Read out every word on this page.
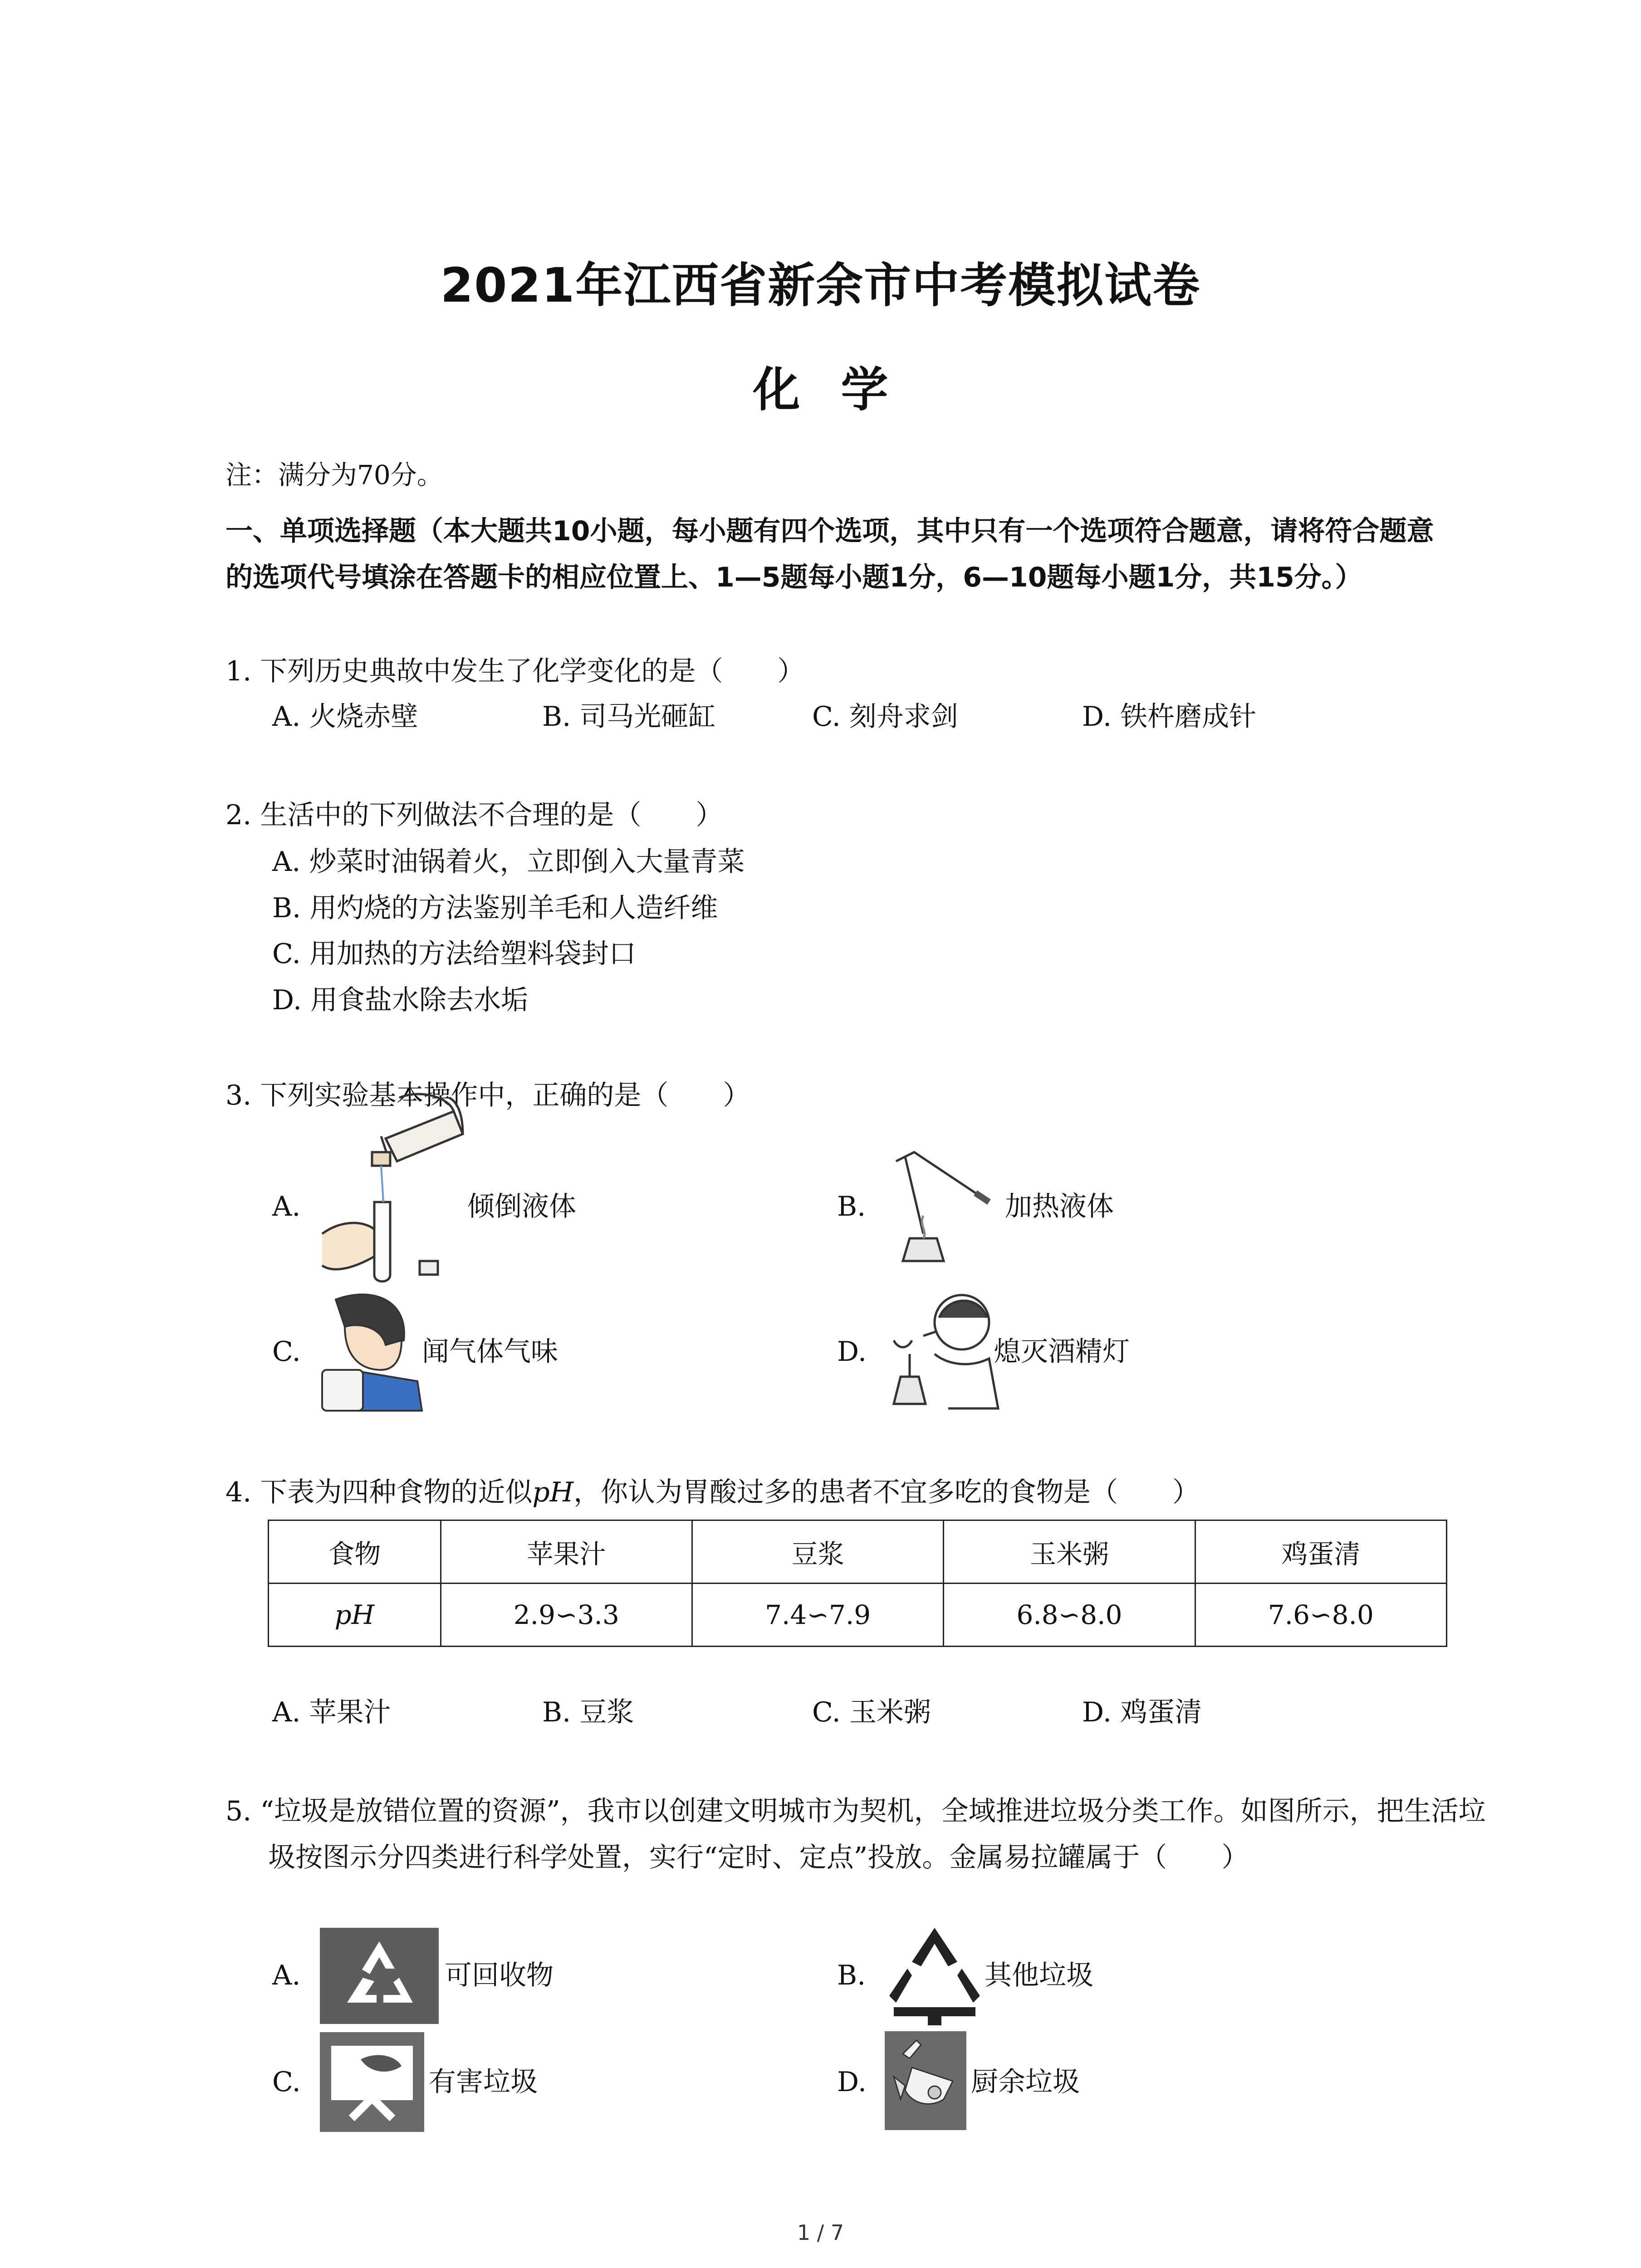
2021年江西省新余市中考模拟试卷
化学
注：满分为70分。
一、单项选择题（本大题共10小题，每小题有四个选项，其中只有一个选项符合题意，请将符合题意的选项代号填涂在答题卡的相应位置上、1—5题每小题1分，6—10题每小题1分，共15分。）
1. 下列历史典故中发生了化学变化的是（　　）
A. 火烧赤壁	B. 司马光砸缸	C. 刻舟求剑	D. 铁杵磨成针
2. 生活中的下列做法不合理的是（　　）
A. 炒菜时油锅着火，立即倒入大量青菜
B. 用灼烧的方法鉴别羊毛和人造纤维
C. 用加热的方法给塑料袋封口
D. 用食盐水除去水垢
3. 下列实验基本操作中，正确的是（　　）
A.	倾倒液体	B.	加热液体
C.	闻气体气味	D.	熄灭酒精灯
4. 下表为四种食物的近似pH，你认为胃酸过多的患者不宜多吃的食物是（　　）
食物	苹果汁	豆浆	玉米粥	鸡蛋清
pH	2.9∽3.3	7.4∽7.9	6.8∽8.0	7.6∽8.0
A. 苹果汁	B. 豆浆	C. 玉米粥	D. 鸡蛋清
5. “垃圾是放错位置的资源”，我市以创建文明城市为契机，全域推进垃圾分类工作。如图所示，把生活垃圾按图示分四类进行科学处置，实行“定时、定点”投放。金属易拉罐属于（　　）
A.	可回收物	B.	其他垃圾
C.	有害垃圾	D.	厨余垃圾
1 / 7
